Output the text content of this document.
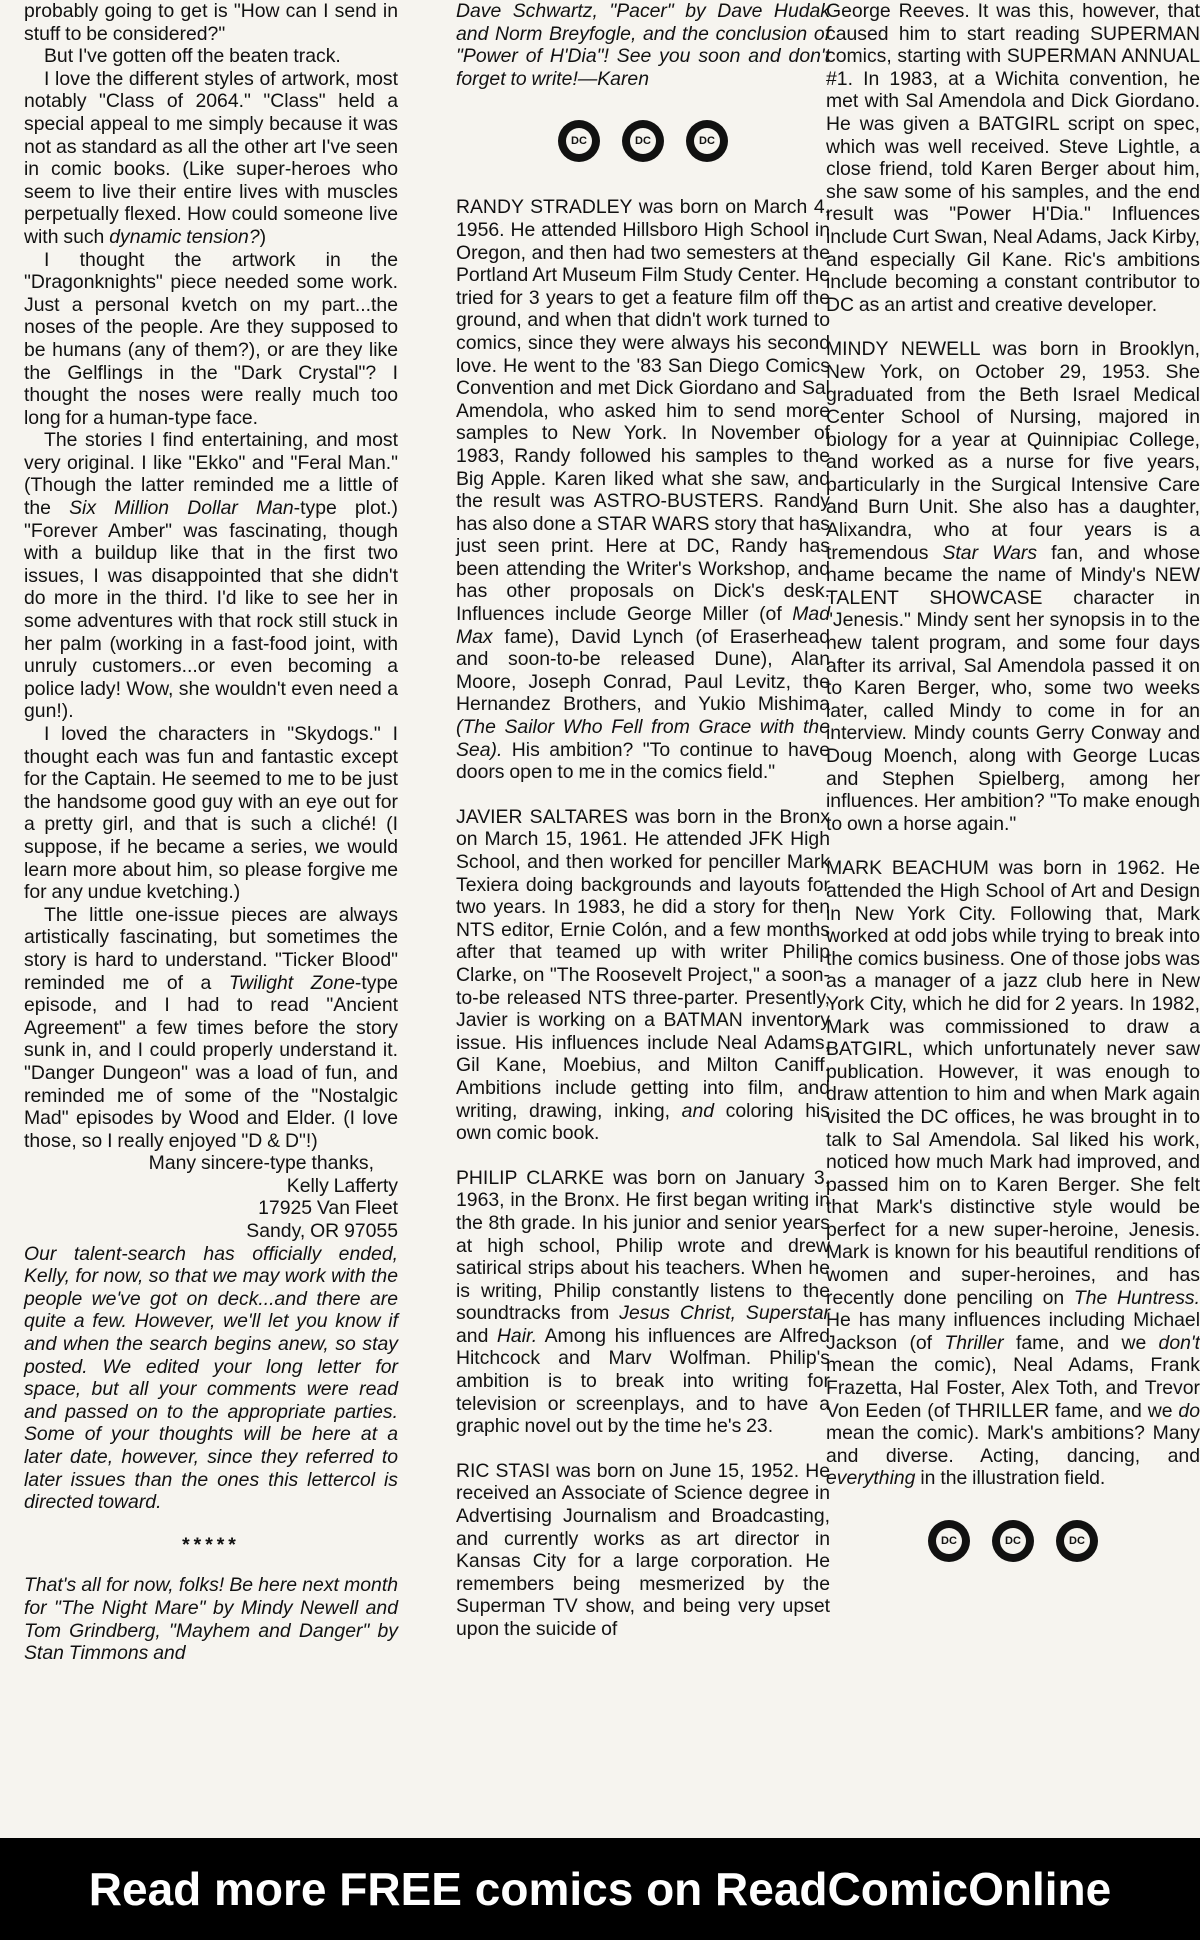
probably going to get is "How can I send in stuff to be considered?"

But I've gotten off the beaten track.

I love the different styles of artwork, most notably "Class of 2064." "Class" held a special appeal to me simply because it was not as standard as all the other art I've seen in comic books. (Like super-heroes who seem to live their entire lives with muscles perpetually flexed. How could someone live with such dynamic tension?)

I thought the artwork in the "Dragonknights" piece needed some work. Just a personal kvetch on my part...the noses of the people. Are they supposed to be humans (any of them?), or are they like the Gelflings in the "Dark Crystal"? I thought the noses were really much too long for a human-type face.

The stories I find entertaining, and most very original. I like "Ekko" and "Feral Man." (Though the latter reminded me a little of the Six Million Dollar Man-type plot.) "Forever Amber" was fascinating, though with a buildup like that in the first two issues, I was disappointed that she didn't do more in the third. I'd like to see her in some adventures with that rock still stuck in her palm (working in a fast-food joint, with unruly customers...or even becoming a police lady! Wow, she wouldn't even need a gun!).

I loved the characters in "Skydogs." I thought each was fun and fantastic except for the Captain. He seemed to me to be just the handsome good guy with an eye out for a pretty girl, and that is such a cliché! (I suppose, if he became a series, we would learn more about him, so please forgive me for any undue kvetching.)

The little one-issue pieces are always artistically fascinating, but sometimes the story is hard to understand. "Ticker Blood" reminded me of a Twilight Zone-type episode, and I had to read "Ancient Agreement" a few times before the story sunk in, and I could properly understand it. "Danger Dungeon" was a load of fun, and reminded me of some of the "Nostalgic Mad" episodes by Wood and Elder. (I love those, so I really enjoyed "D & D"!)

Many sincere-type thanks,
Kelly Lafferty
17925 Van Fleet
Sandy, OR 97055

Our talent-search has officially ended, Kelly, for now, so that we may work with the people we've got on deck...and there are quite a few. However, we'll let you know if and when the search begins anew, so stay posted. We edited your long letter for space, but all your comments were read and passed on to the appropriate parties. Some of your thoughts will be here at a later date, however, since they referred to later issues than the ones this lettercol is directed toward.

*****

That's all for now, folks! Be here next month for "The Night Mare" by Mindy Newell and Tom Grindberg, "Mayhem and Danger" by Stan Timmons and

Dave Schwartz, "Pacer" by Dave Hudak and Norm Breyfogle, and the conclusion of "Power of H'Dia"! See you soon and don't forget to write!—Karen

DC	DC	DC

RANDY STRADLEY was born on March 4, 1956. He attended Hillsboro High School in Oregon, and then had two semesters at the Portland Art Museum Film Study Center. He tried for 3 years to get a feature film off the ground, and when that didn't work turned to comics, since they were always his second love. He went to the '83 San Diego Comics Convention and met Dick Giordano and Sal Amendola, who asked him to send more samples to New York. In November of 1983, Randy followed his samples to the Big Apple. Karen liked what she saw, and the result was ASTRO-BUSTERS. Randy has also done a STAR WARS story that has just seen print. Here at DC, Randy has been attending the Writer's Workshop, and has other proposals on Dick's desk. Influences include George Miller (of Mad Max fame), David Lynch (of Eraserhead and soon-to-be released Dune), Alan Moore, Joseph Conrad, Paul Levitz, the Hernandez Brothers, and Yukio Mishima (The Sailor Who Fell from Grace with the Sea). His ambition? "To continue to have doors open to me in the comics field."

JAVIER SALTARES was born in the Bronx on March 15, 1961. He attended JFK High School, and then worked for penciller Mark Texiera doing backgrounds and layouts for two years. In 1983, he did a story for then NTS editor, Ernie Colón, and a few months after that teamed up with writer Philip Clarke, on "The Roosevelt Project," a soon-to-be released NTS three-parter. Presently, Javier is working on a BATMAN inventory issue. His influences include Neal Adams, Gil Kane, Moebius, and Milton Caniff. Ambitions include getting into film, and writing, drawing, inking, and coloring his own comic book.

PHILIP CLARKE was born on January 3, 1963, in the Bronx. He first began writing in the 8th grade. In his junior and senior years at high school, Philip wrote and drew satirical strips about his teachers. When he is writing, Philip constantly listens to the soundtracks from Jesus Christ, Superstar and Hair. Among his influences are Alfred Hitchcock and Marv Wolfman. Philip's ambition is to break into writing for television or screenplays, and to have a graphic novel out by the time he's 23.

RIC STASI was born on June 15, 1952. He received an Associate of Science degree in Advertising Journalism and Broadcasting, and currently works as art director in Kansas City for a large corporation. He remembers being mesmerized by the Superman TV show, and being very upset upon the suicide of

George Reeves. It was this, however, that caused him to start reading SUPERMAN comics, starting with SUPERMAN ANNUAL #1. In 1983, at a Wichita convention, he met with Sal Amendola and Dick Giordano. He was given a BATGIRL script on spec, which was well received. Steve Lightle, a close friend, told Karen Berger about him, she saw some of his samples, and the end result was "Power H'Dia." Influences include Curt Swan, Neal Adams, Jack Kirby, and especially Gil Kane. Ric's ambitions include becoming a constant contributor to DC as an artist and creative developer.

MINDY NEWELL was born in Brooklyn, New York, on October 29, 1953. She graduated from the Beth Israel Medical Center School of Nursing, majored in biology for a year at Quinnipiac College, and worked as a nurse for five years, particularly in the Surgical Intensive Care and Burn Unit. She also has a daughter, Alixandra, who at four years is a tremendous Star Wars fan, and whose name became the name of Mindy's NEW TALENT SHOWCASE character in "Jenesis." Mindy sent her synopsis in to the new talent program, and some four days after its arrival, Sal Amendola passed it on to Karen Berger, who, some two weeks later, called Mindy to come in for an interview. Mindy counts Gerry Conway and Doug Moench, along with George Lucas and Stephen Spielberg, among her influences. Her ambition? "To make enough to own a horse again."

MARK BEACHUM was born in 1962. He attended the High School of Art and Design in New York City. Following that, Mark worked at odd jobs while trying to break into the comics business. One of those jobs was as a manager of a jazz club here in New York City, which he did for 2 years. In 1982, Mark was commissioned to draw a BATGIRL, which unfortunately never saw publication. However, it was enough to draw attention to him and when Mark again visited the DC offices, he was brought in to talk to Sal Amendola. Sal liked his work, noticed how much Mark had improved, and passed him on to Karen Berger. She felt that Mark's distinctive style would be perfect for a new super-heroine, Jenesis. Mark is known for his beautiful renditions of women and super-heroines, and has recently done penciling on The Huntress. He has many influences including Michael Jackson (of Thriller fame, and we don't mean the comic), Neal Adams, Frank Frazetta, Hal Foster, Alex Toth, and Trevor Von Eeden (of THRILLER fame, and we do mean the comic). Mark's ambitions? Many and diverse. Acting, dancing, and everything in the illustration field.

DC	DC	DC
Read more FREE comics on ReadComicOnline
